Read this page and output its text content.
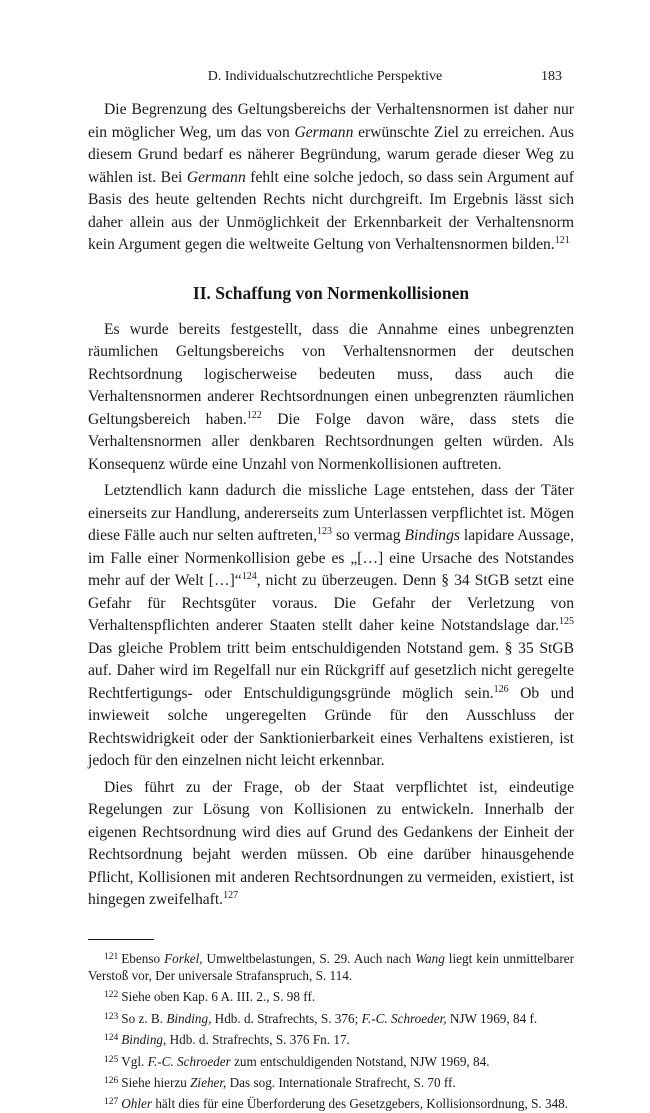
D. Individualschutzrechtliche Perspektive	183

Die Begrenzung des Geltungsbereichs der Verhaltensnormen ist daher nur ein möglicher Weg, um das von Germann erwünschte Ziel zu erreichen. Aus diesem Grund bedarf es näherer Begründung, warum gerade dieser Weg zu wählen ist. Bei Germann fehlt eine solche jedoch, so dass sein Argument auf Basis des heute geltenden Rechts nicht durchgreift. Im Ergebnis lässt sich daher allein aus der Unmöglichkeit der Erkennbarkeit der Verhaltensnorm kein Argument gegen die weltweite Geltung von Verhaltensnormen bilden.$^{121}$

II. Schaffung von Normenkollisionen

Es wurde bereits festgestellt, dass die Annahme eines unbegrenzten räumlichen Geltungsbereichs von Verhaltensnormen der deutschen Rechtsordnung logischerweise bedeuten muss, dass auch die Verhaltensnormen anderer Rechtsordnungen einen unbegrenzten räumlichen Geltungsbereich haben.$^{122}$ Die Folge davon wäre, dass stets die Verhaltensnormen aller denkbaren Rechtsordnungen gelten würden. Als Konsequenz würde eine Unzahl von Normenkollisionen auftreten.

Letztendlich kann dadurch die missliche Lage entstehen, dass der Täter einerseits zur Handlung, andererseits zum Unterlassen verpflichtet ist. Mögen diese Fälle auch nur selten auftreten,$^{123}$ so vermag Bindings lapidare Aussage, im Falle einer Normenkollision gebe es „[…] eine Ursache des Notstandes mehr auf der Welt […]“$^{124}$, nicht zu überzeugen. Denn § 34 StGB setzt eine Gefahr für Rechtsgüter voraus. Die Gefahr der Verletzung von Verhaltenspflichten anderer Staaten stellt daher keine Notstandslage dar.$^{125}$ Das gleiche Problem tritt beim entschuldigenden Notstand gem. § 35 StGB auf. Daher wird im Regelfall nur ein Rückgriff auf gesetzlich nicht geregelte Rechtfertigungs- oder Entschuldigungsgründe möglich sein.$^{126}$ Ob und inwieweit solche ungeregelten Gründe für den Ausschluss der Rechtswidrigkeit oder der Sanktionierbarkeit eines Verhaltens existieren, ist jedoch für den einzelnen nicht leicht erkennbar.

Dies führt zu der Frage, ob der Staat verpflichtet ist, eindeutige Regelungen zur Lösung von Kollisionen zu entwickeln. Innerhalb der eigenen Rechtsordnung wird dies auf Grund des Gedankens der Einheit der Rechtsordnung bejaht werden müssen. Ob eine darüber hinausgehende Pflicht, Kollisionen mit anderen Rechtsordnungen zu vermeiden, existiert, ist hingegen zweifelhaft.$^{127}$

$^{121}$ Ebenso Forkel, Umweltbelastungen, S. 29. Auch nach Wang liegt kein unmittelbarer Verstoß vor, Der universale Strafanspruch, S. 114.

$^{122}$ Siehe oben Kap. 6 A. III. 2., S. 98 ff.

$^{123}$ So z. B. Binding, Hdb. d. Strafrechts, S. 376; F.-C. Schroeder, NJW 1969, 84 f.

$^{124}$ Binding, Hdb. d. Strafrechts, S. 376 Fn. 17.

$^{125}$ Vgl. F.-C. Schroeder zum entschuldigenden Notstand, NJW 1969, 84.

$^{126}$ Siehe hierzu Zieher, Das sog. Internationale Strafrecht, S. 70 ff.

$^{127}$ Ohler hält dies für eine Überforderung des Gesetzgebers, Kollisionsordnung, S. 348.
